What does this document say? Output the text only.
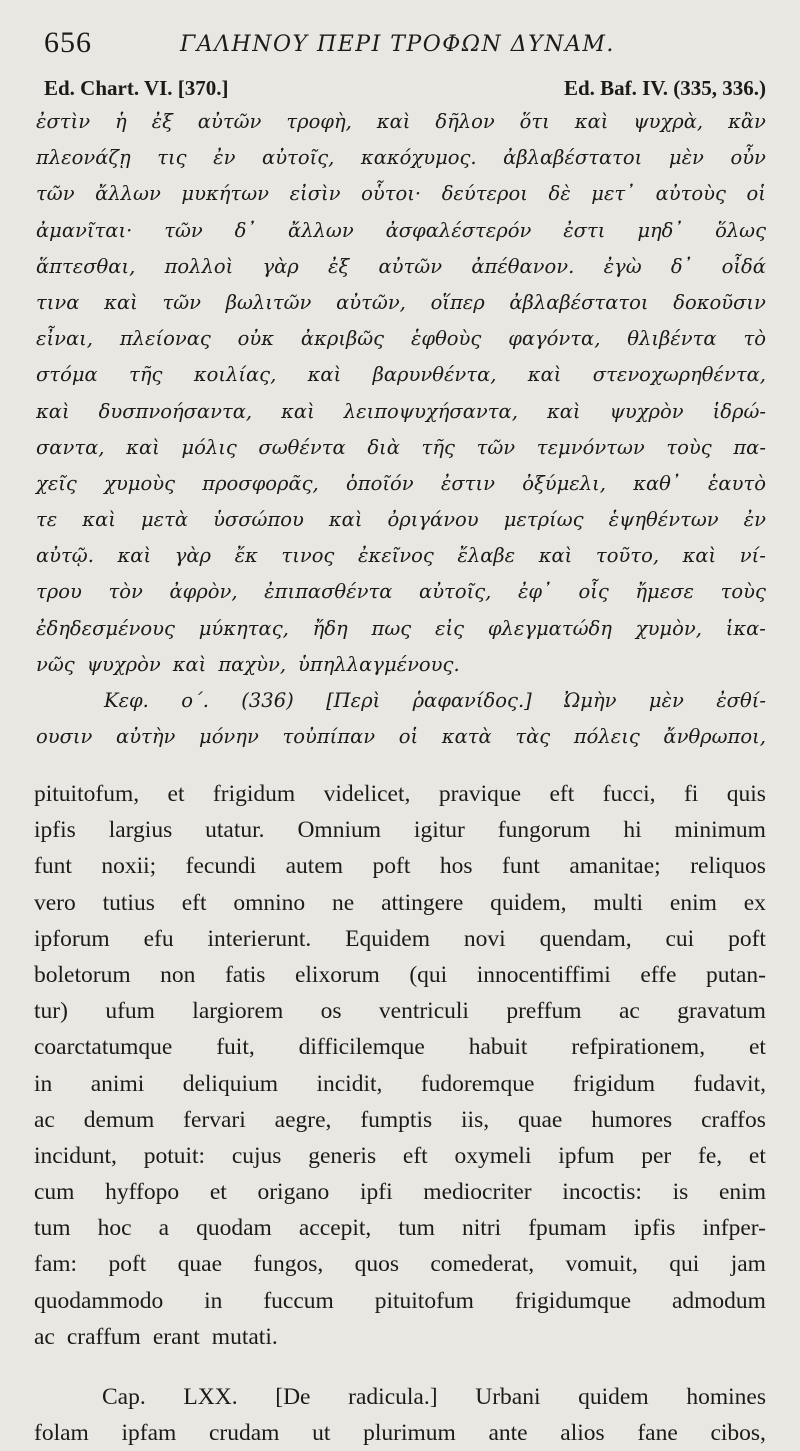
656	ΓΑΛΗΝΟΥ ΠΕΡΙ ΤΡΟΦΩΝ ΔΥΝΑΜ.
Ed. Chart. VI. [370.]	Ed. Baf. IV. (335, 336.)
ἐστὶν ἡ ἐξ αὐτῶν τροφὴ, καὶ δῆλον ὅτι καὶ ψυχρὰ, κἂν
πλεονάζῃ τις ἐν αὐτοῖς, κακόχυμος. ἀβλαβέστατοι μὲν οὖν
τῶν ἄλλων μυκήτων εἰσὶν οὗτοι· δεύτεροι δὲ μετ᾽ αὐτοὺς οἱ
ἀμανῖται· τῶν δ᾽ ἄλλων ἀσφαλέστερόν ἐστι μηδ᾽ ὅλως
ἅπτεσθαι, πολλοὶ γὰρ ἐξ αὐτῶν ἀπέθανον. ἐγὼ δ᾽ οἶδά
τινα καὶ τῶν βωλιτῶν αὐτῶν, οἵπερ ἀβλαβέστατοι δοκοῦσιν
εἶναι, πλείονας οὐκ ἀκριβῶς ἑφθοὺς φαγόντα, θλιβέντα τὸ
στόμα τῆς κοιλίας, καὶ βαρυνθέντα, καὶ στενοχωρηθέντα,
καὶ δυσπνοήσαντα, καὶ λειποψυχήσαντα, καὶ ψυχρὸν ἱδρώ-
σαντα, καὶ μόλις σωθέντα διὰ τῆς τῶν τεμνόντων τοὺς πα-
χεῖς χυμοὺς προσφορᾶς, ὁποῖόν ἐστιν ὀξύμελι, καθ᾽ ἑαυτὸ
τε καὶ μετὰ ὑσσώπου καὶ ὀριγάνου μετρίως ἑψηθέντων ἐν
αὐτῷ. καὶ γὰρ ἔκ τινος ἐκεῖνος ἔλαβε καὶ τοῦτο, καὶ νί-
τρου τὸν ἀφρὸν, ἐπιπασθέντα αὐτοῖς, ἐφ᾽ οἷς ἤμεσε τοὺς
ἐδηδεσμένους μύκητας, ἤδη πως εἰς φλεγματώδη χυμὸν, ἱκα-
νῶς ψυχρὸν καὶ παχὺν, ὑπηλλαγμένους.
Κεφ. ο΄. (336) [Περὶ ῥαφανίδος.] Ὠμὴν μὲν ἐσθί-
ουσιν αὐτὴν μόνην τοὐπίπαν οἱ κατὰ τὰς πόλεις ἄνθρωποι,
pituitofum, et frigidum videlicet, pravique eft fucci, fi quis
ipfis largius utatur. Omnium igitur fungorum hi minimum
funt noxii; fecundi autem poft hos funt amanitae; reliquos
vero tutius eft omnino ne attingere quidem, multi enim ex
ipforum efu interierunt. Equidem novi quendam, cui poft
boletorum non fatis elixorum (qui innocentiffimi effe putan-
tur) ufum largiorem os ventriculi preffum ac gravatum
coarctatumque fuit, difficilemque habuit refpirationem, et
in animi deliquium incidit, fudoremque frigidum fudavit,
ac demum fervari aegre, fumptis iis, quae humores craffos
incidunt, potuit: cujus generis eft oxymeli ipfum per fe, et
cum hyffopo et origano ipfi mediocriter incoctis: is enim
tum hoc a quodam accepit, tum nitri fpumam ipfis infper-
fam: poft quae fungos, quos comederat, vomuit, qui jam
quodammodo in fuccum pituitofum frigidumque admodum
ac craffum erant mutati.
Cap. LXX. [De radicula.] Urbani quidem homines
folam ipfam crudam ut plurimum ante alios fane cibos,
